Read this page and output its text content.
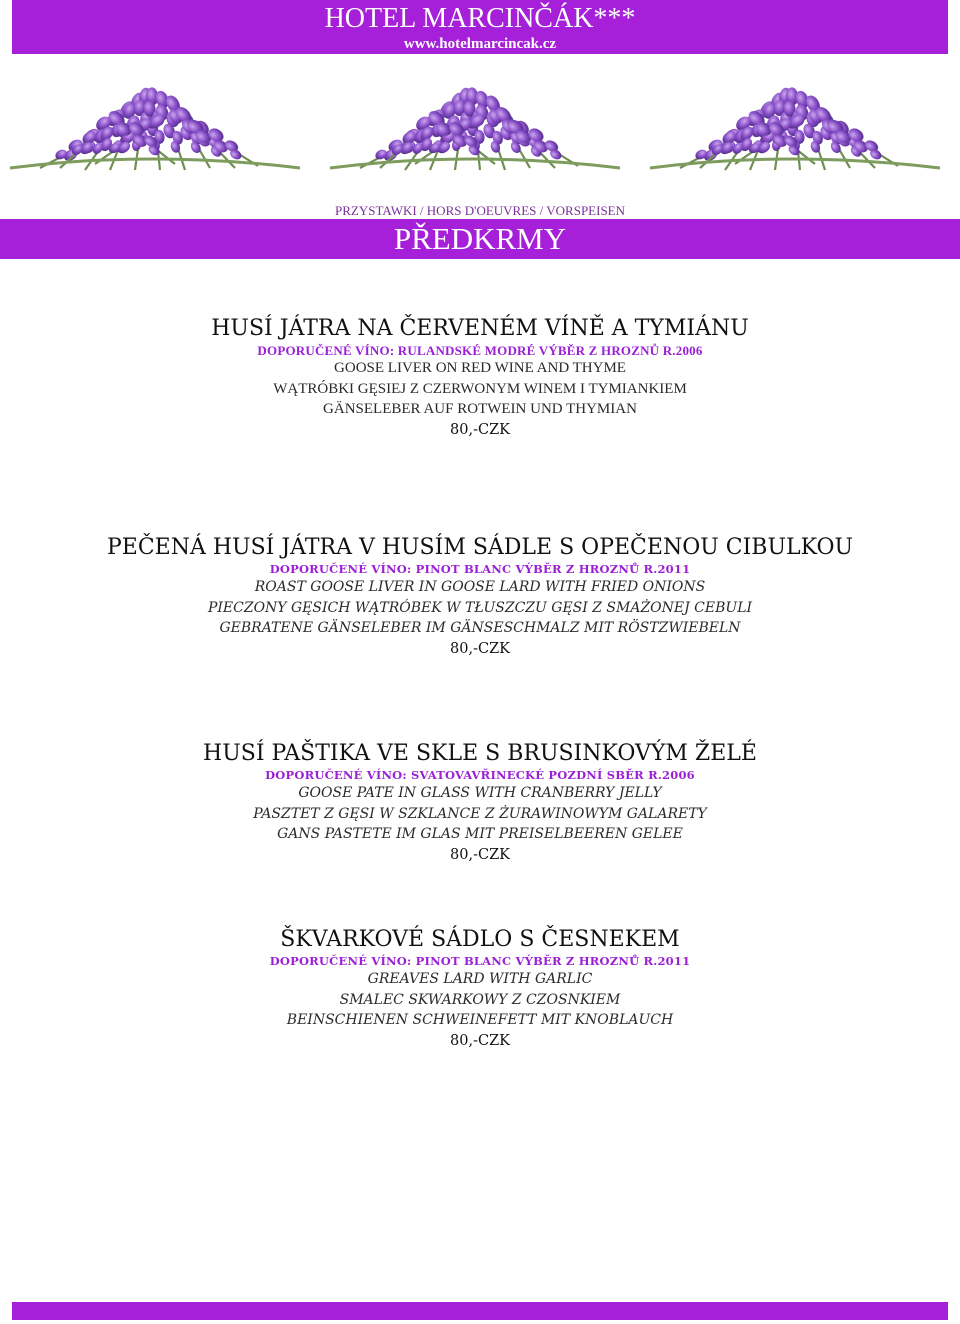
HOTEL MARCINČÁK***
www.hotelmarcincak.cz
PRZYSTAWKI / HORS D'OEUVRES / VORSPEISEN
PŘEDKRMY
HUSÍ JÁTRA NA ČERVENÉM VÍNĚ A TYMIÁNU
DOPORUČENÉ VÍNO: RULANDSKÉ MODRÉ VÝBĚR Z HROZNŮ R.2006
GOOSE LIVER ON RED WINE AND THYME
WĄTRÓBKI GĘSIEJ Z CZERWONYM WINEM I TYMIANKIEM
GÄNSELEBER AUF ROTWEIN UND THYMIAN
80,-CZK
PEČENÁ HUSÍ JÁTRA V HUSÍM SÁDLE S OPEČENOU CIBULKOU
DOPORUČENÉ VÍNO: PINOT BLANC VÝBĚR Z HROZNŮ R.2011
ROAST GOOSE LIVER IN GOOSE LARD WITH FRIED ONIONS
PIECZONY GĘSICH WĄTRÓBEK W TŁUSZCZU GĘSI Z SMAŻONEJ CEBULI
GEBRATENE GÄNSELEBER IM GÄNSESCHMALZ MIT RÖSTZWIEBELN
80,-CZK
HUSÍ PAŠTIKA VE SKLE S BRUSINKOVÝM ŽELÉ
DOPORUČENÉ VÍNO: SVATOVAVŘINECKÉ POZDNÍ SBĚR R.2006
GOOSE PATE IN GLASS WITH CRANBERRY JELLY
PASZTET Z GĘSI W SZKLANCE Z ŻURAWINOWYM GALARETY
GANS PASTETE IM GLAS MIT PREISELBEEREN GELEE
80,-CZK
ŠKVARKOVÉ SÁDLO S ČESNEKEM
DOPORUČENÉ VÍNO: PINOT BLANC VÝBĚR Z HROZNŮ R.2011
GREAVES LARD WITH GARLIC
SMALEC SKWARKOWY Z CZOSNKIEM
BEINSCHIENEN SCHWEINEFETT MIT KNOBLAUCH
80,-CZK
